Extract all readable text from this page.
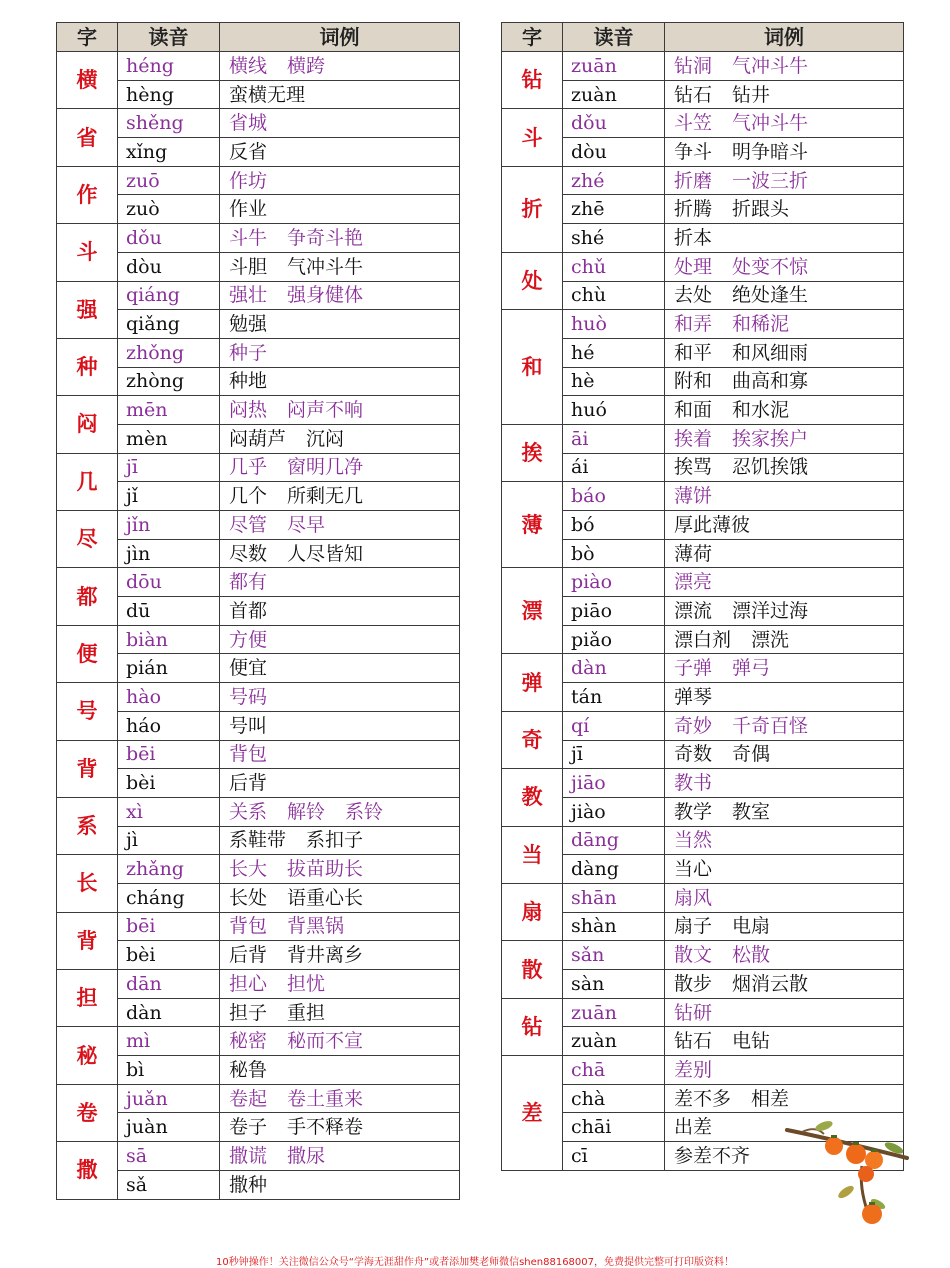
字	读音	词例
横	héng	横线 横跨
	hèng	蛮横无理
省	shěng	省城
	xǐng	反省
作	zuō	作坊
	zuò	作业
斗	dǒu	斗牛 争奇斗艳
	dòu	斗胆 气冲斗牛
强	qiáng	强壮 强身健体
	qiǎng	勉强
种	zhǒng	种子
	zhòng	种地
闷	mēn	闷热 闷声不响
	mèn	闷葫芦 沉闷
几	jī	几乎 窗明几净
	jǐ	几个 所剩无几
尽	jǐn	尽管 尽早
	jìn	尽数 人尽皆知
都	dōu	都有
	dū	首都
便	biàn	方便
	pián	便宜
号	hào	号码
	háo	号叫
背	bēi	背包
	bèi	后背
系	xì	关系 解铃 系铃
	jì	系鞋带 系扣子
长	zhǎng	长大 拔苗助长
	cháng	长处 语重心长
背	bēi	背包 背黑锅
	bèi	后背 背井离乡
担	dān	担心 担忧
	dàn	担子 重担
秘	mì	秘密 秘而不宣
	bì	秘鲁
卷	juǎn	卷起 卷土重来
	juàn	卷子 手不释卷
撒	sā	撒谎 撒尿
	sǎ	撒种
字	读音	词例
钻	zuān	钻洞 气冲斗牛
	zuàn	钻石 钻井
斗	dǒu	斗笠 气冲斗牛
	dòu	争斗 明争暗斗
折	zhé	折磨 一波三折
	zhē	折腾 折跟头
	shé	折本
处	chǔ	处理 处变不惊
	chù	去处 绝处逢生
和	huò	和弄 和稀泥
	hé	和平 和风细雨
	hè	附和 曲高和寡
	huó	和面 和水泥
挨	āi	挨着 挨家挨户
	ái	挨骂 忍饥挨饿
薄	báo	薄饼
	bó	厚此薄彼
	bò	薄荷
漂	piào	漂亮
	piāo	漂流 漂洋过海
	piǎo	漂白剂 漂洗
弹	dàn	子弹 弹弓
	tán	弹琴
奇	qí	奇妙 千奇百怪
	jī	奇数 奇偶
教	jiāo	教书
	jiào	教学 教室
当	dāng	当然
	dàng	当心
扇	shān	扇风
	shàn	扇子 电扇
散	sǎn	散文 松散
	sàn	散步 烟消云散
钻	zuān	钻研
	zuàn	钻石 电钻
差	chā	差别
	chà	差不多 相差
	chāi	出差
	cī	参差不齐
10秒钟操作！关注微信公众号“学海无涯甜作舟”或者添加樊老师微信shen88168007，免费提供完整可打印版资料！
